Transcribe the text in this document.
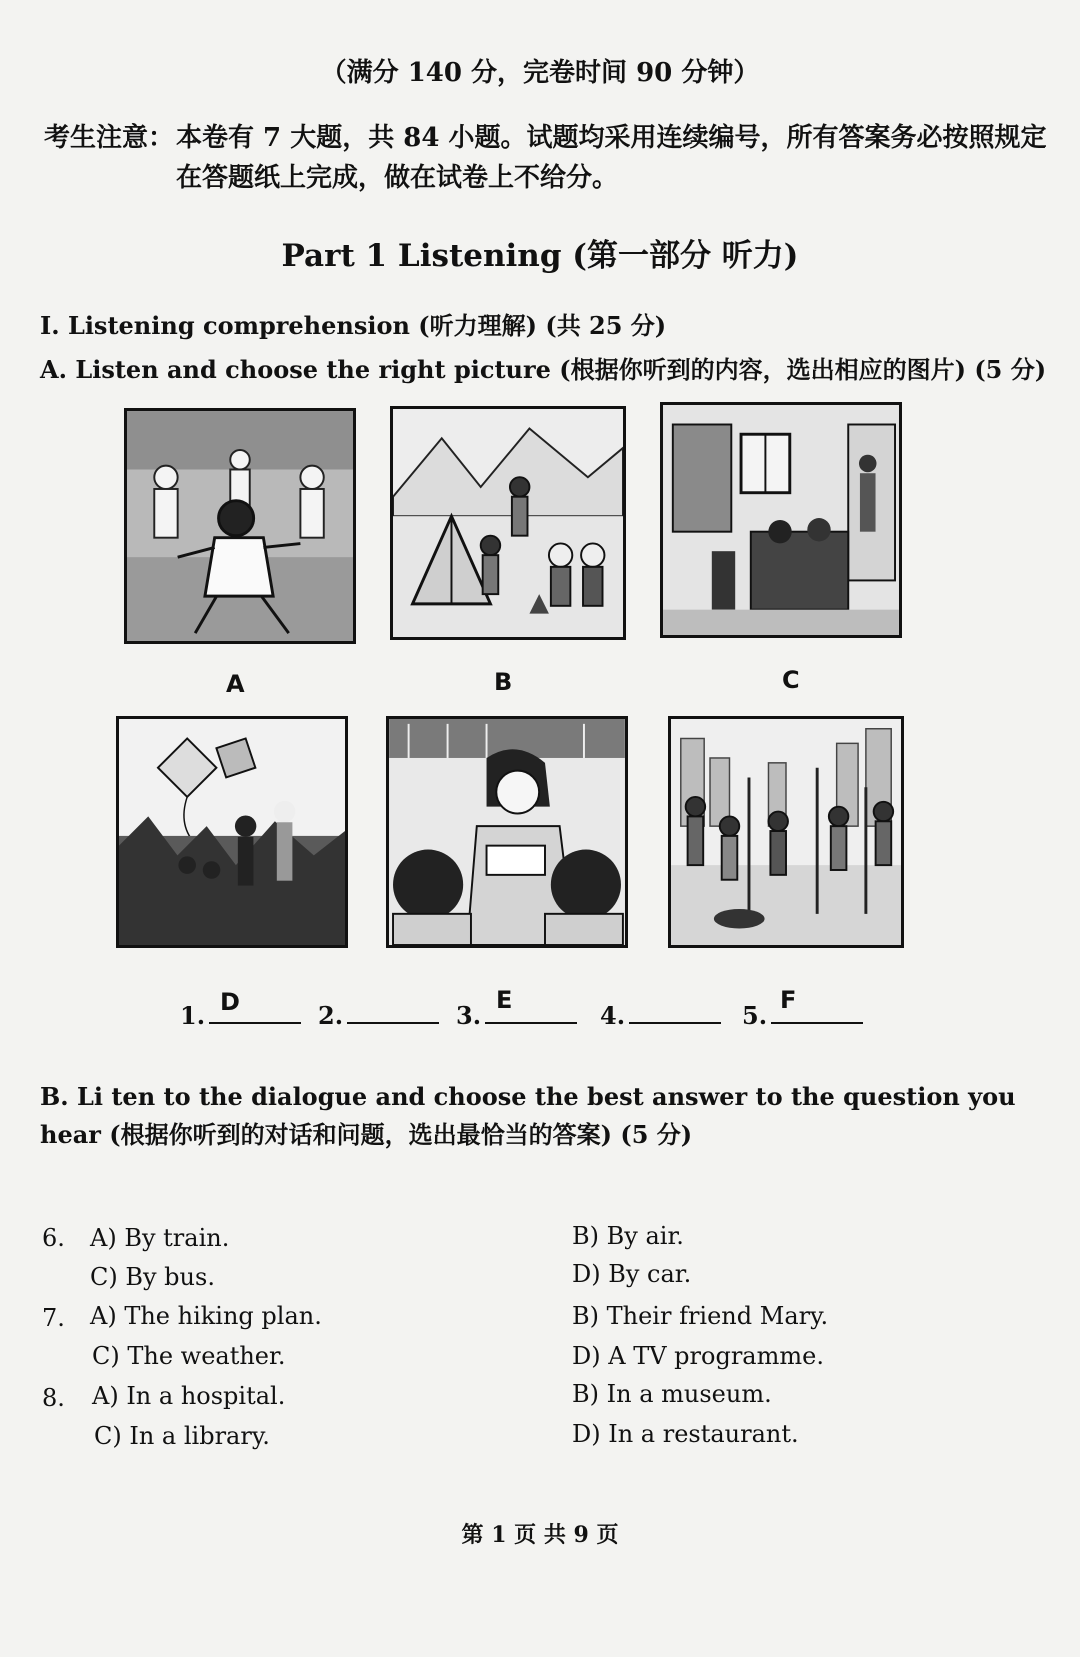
（满分 140 分，完卷时间 90 分钟）
考生注意： 本卷有 7 大题，共 84 小题。试题均采用连续编号，所有答案务必按照规定在答题纸上完成，做在试卷上不给分。
Part 1 Listening (第一部分 听力)
I. Listening comprehension (听力理解) (共 25 分)
A. Listen and choose the right picture (根据你听到的内容，选出相应的图片) (5 分)
A	B	C
D	E	F
1.	2.	3.	4.	5.
B. Li ten to the dialogue and choose the best answer to the question you hear (根据你听到的对话和问题，选出最恰当的答案) (5 分)
6. A) By train.	B) By air.
C) By bus.	D) By car.
7. A) The hiking plan.	B) Their friend Mary.
C) The weather.	D) A TV programme.
8. A) In a hospital.	B) In a museum.
C) In a library.	D) In a restaurant.
第 1 页 共 9 页
